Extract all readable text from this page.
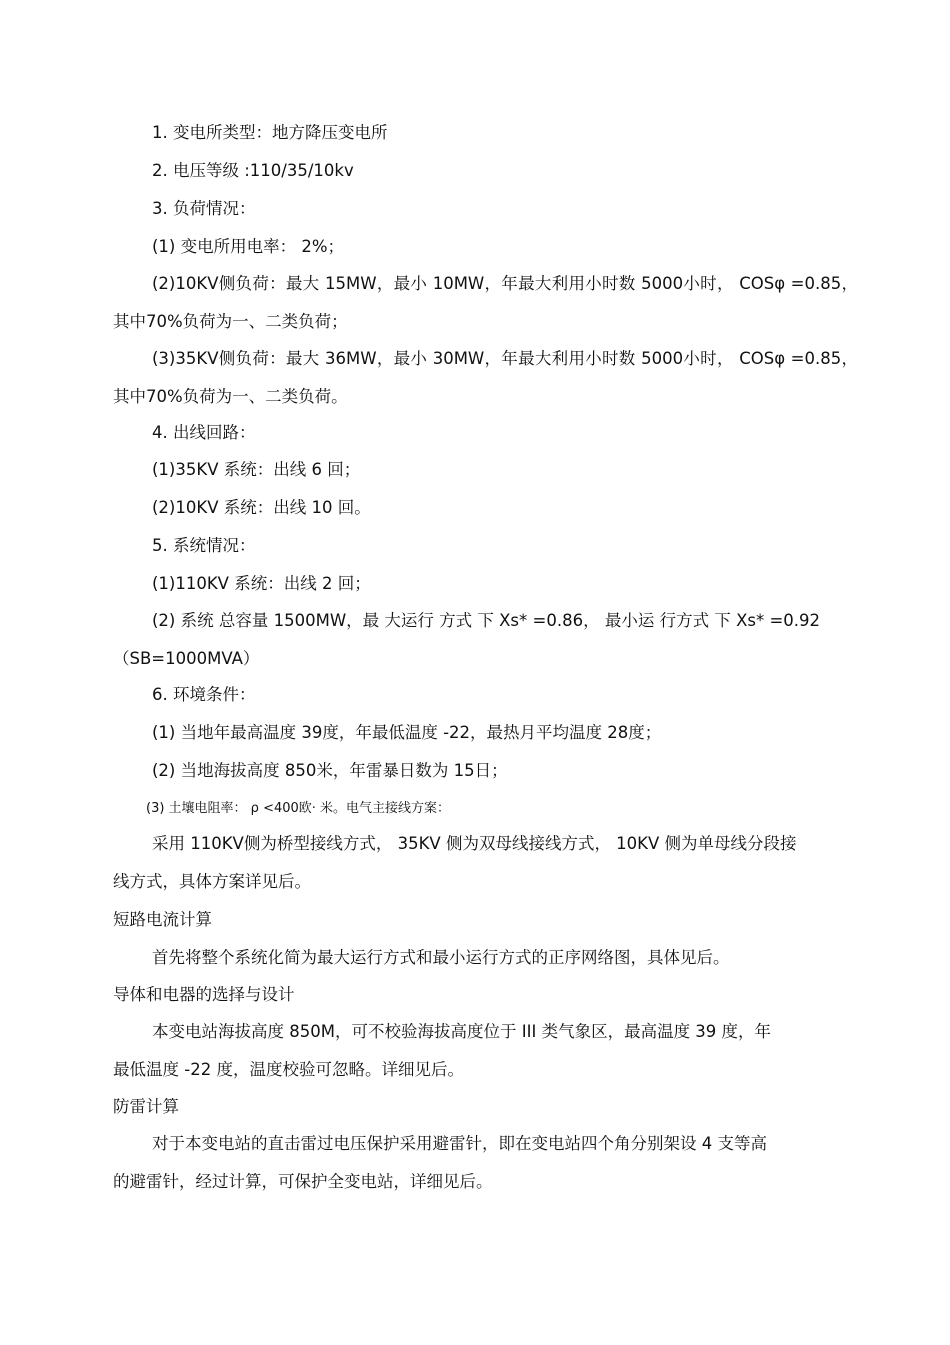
1. 变电所类型：地方降压变电所
2. 电压等级 :110/35/10kv
3. 负荷情况：
(1) 变电所用电率： 2%；
(2)10KV侧负荷：最大 15MW，最小 10MW，年最大利用小时数 5000小时， COSφ =0.85，
其中70%负荷为一、二类负荷；
(3)35KV侧负荷：最大 36MW，最小 30MW，年最大利用小时数 5000小时， COSφ =0.85，
其中70%负荷为一、二类负荷。
4. 出线回路：
(1)35KV 系统：出线 6 回；
(2)10KV 系统：出线 10 回。
5. 系统情况：
(1)110KV 系统：出线 2 回；
(2) 系统 总容量 1500MW，最 大运行 方式 下 Xs* =0.86， 最小运 行方式 下 Xs* =0.92
（SB=1000MVA）
6. 环境条件：
(1) 当地年最高温度 39度，年最低温度 -22，最热月平均温度 28度；
(2) 当地海拔高度 850米，年雷暴日数为 15日；
(3) 土壤电阻率： ρ <400欧· 米。电气主接线方案：
采用 110KV侧为桥型接线方式， 35KV 侧为双母线接线方式， 10KV 侧为单母线分段接
线方式，具体方案详见后。
短路电流计算
首先将整个系统化简为最大运行方式和最小运行方式的正序网络图，具体见后。
导体和电器的选择与设计
本变电站海拔高度 850M，可不校验海拔高度位于 III 类气象区，最高温度 39 度，年
最低温度 -22 度，温度校验可忽略。详细见后。
防雷计算
对于本变电站的直击雷过电压保护采用避雷针，即在变电站四个角分别架设 4 支等高
的避雷针，经过计算，可保护全变电站，详细见后。
